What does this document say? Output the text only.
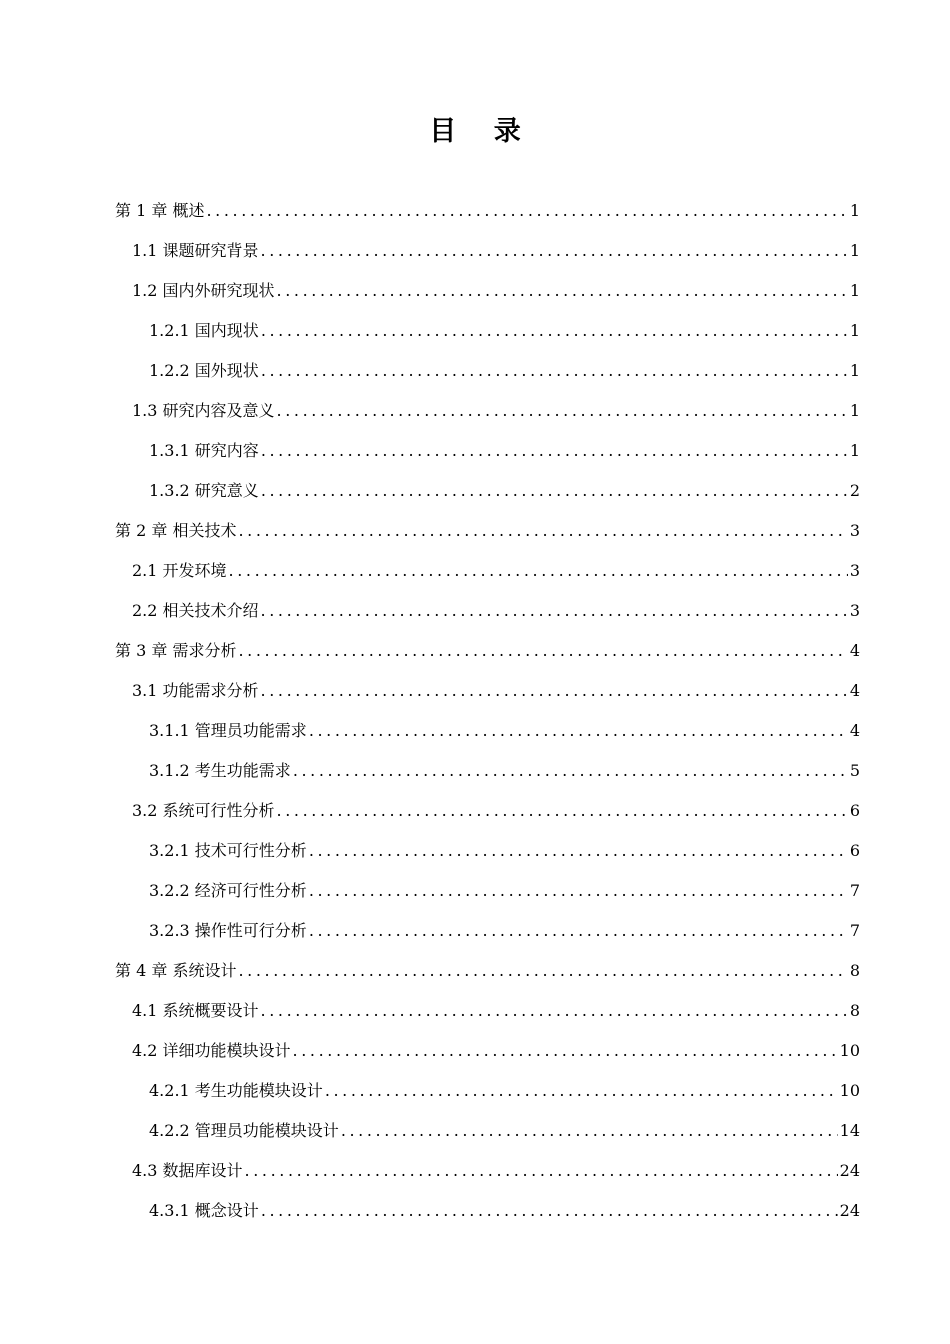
目 录
第 1 章 概述 .....	1
1.1 课题研究背景 .....	1
1.2 国内外研究现状 .....	1
1.2.1 国内现状 .....	1
1.2.2 国外现状 .....	1
1.3 研究内容及意义 .....	1
1.3.1 研究内容 .....	1
1.3.2 研究意义 .....	2
第 2 章 相关技术 .....	3
2.1 开发环境 .....	3
2.2 相关技术介绍 .....	3
第 3 章 需求分析 .....	4
3.1 功能需求分析 .....	4
3.1.1 管理员功能需求 .....	4
3.1.2 考生功能需求 .....	5
3.2 系统可行性分析 .....	6
3.2.1 技术可行性分析 .....	6
3.2.2 经济可行性分析 .....	7
3.2.3 操作性可行分析 .....	7
第 4 章 系统设计 .....	8
4.1 系统概要设计 .....	8
4.2 详细功能模块设计 .....	10
4.2.1 考生功能模块设计 .....	10
4.2.2 管理员功能模块设计 .....	14
4.3 数据库设计 .....	24
4.3.1 概念设计 .....	24
